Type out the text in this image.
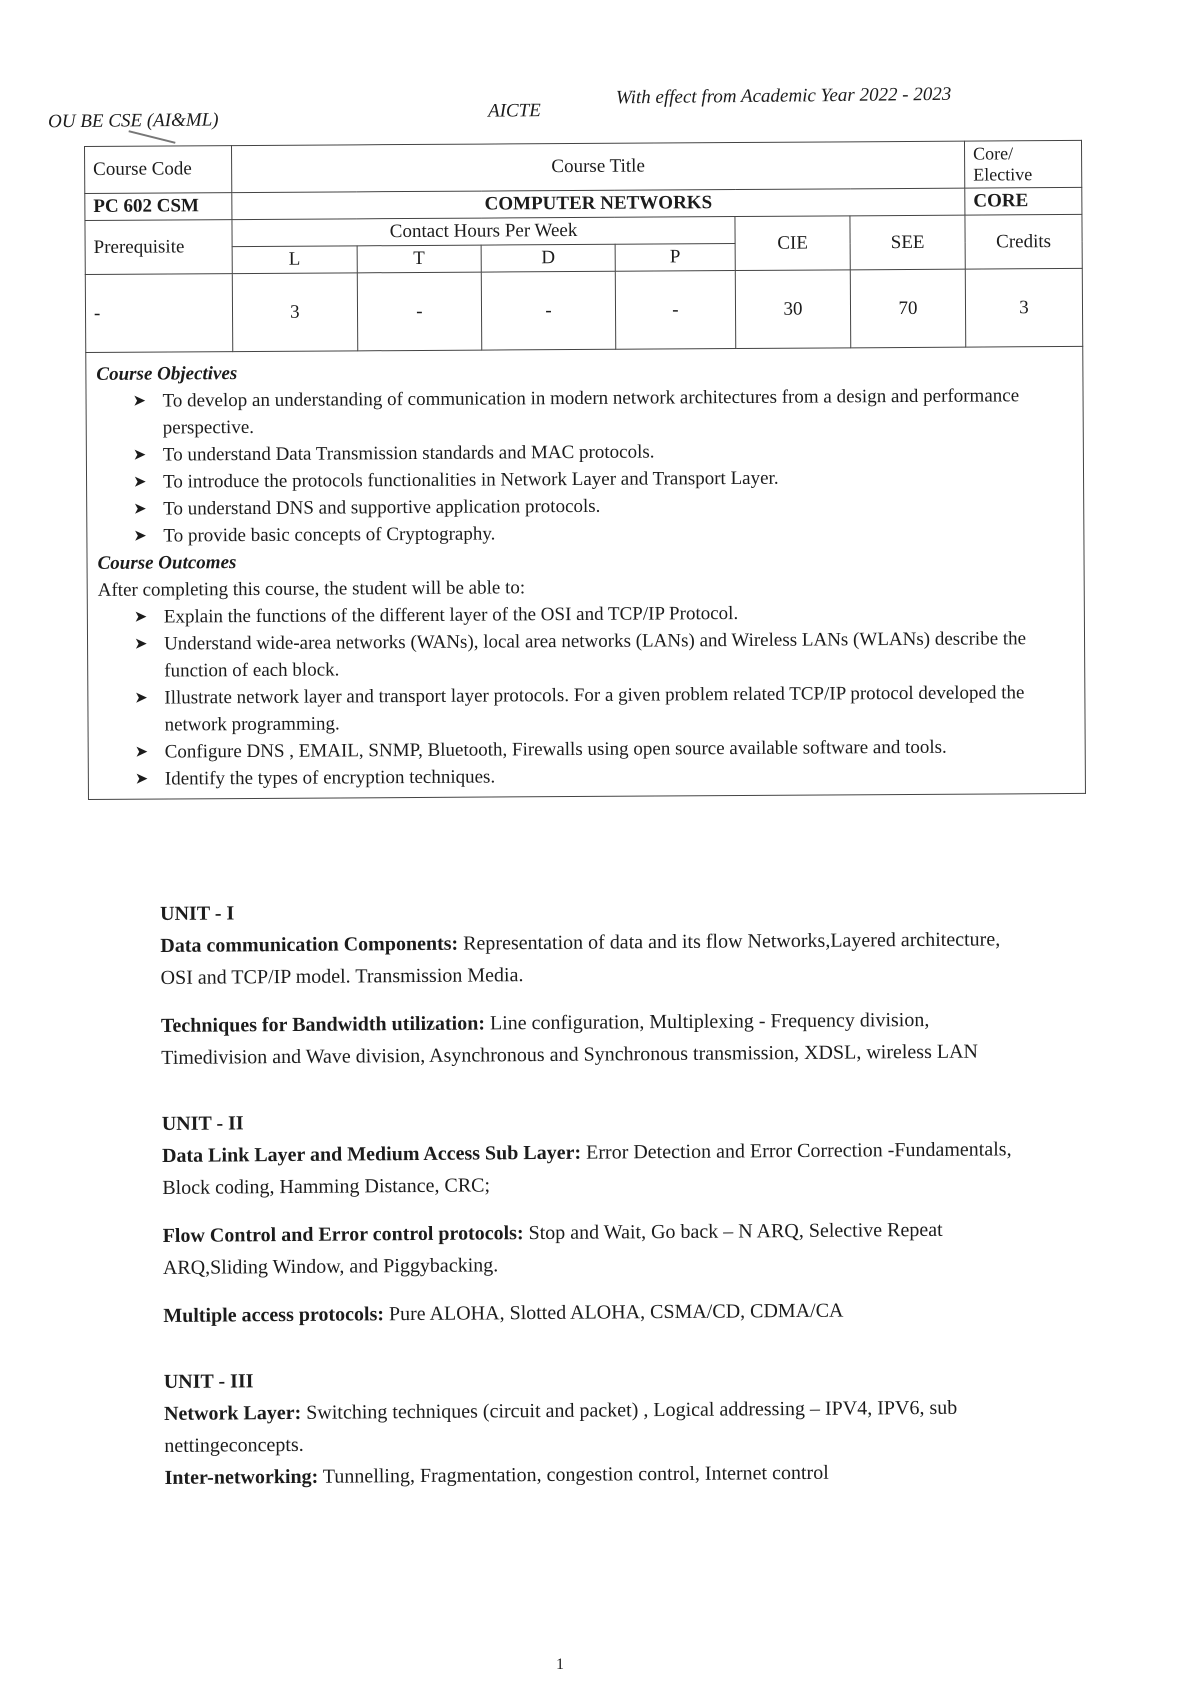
OU BE CSE (AI&ML)	AICTE
With effect from Academic Year 2022 - 2023
Course Code	Course Title						Core/ Elective
PC 602 CSM	COMPUTER NETWORKS						CORE
Prerequisite	Contact Hours Per Week				CIE	SEE	Credits
	L	T	D	P			
-	3	-	-	-	30	70	3
Course Objectives
➤ To develop an understanding of communication in modern network architectures from a design and performance perspective.
➤ To understand Data Transmission standards and MAC protocols.
➤ To introduce the protocols functionalities in Network Layer and Transport Layer.
➤ To understand DNS and supportive application protocols.
➤ To provide basic concepts of Cryptography.
Course Outcomes
After completing this course, the student will be able to:
➤ Explain the functions of the different layer of the OSI and TCP/IP Protocol.
➤ Understand wide-area networks (WANs), local area networks (LANs) and Wireless LANs (WLANs) describe the function of each block.
➤ Illustrate network layer and transport layer protocols. For a given problem related TCP/IP protocol developed the network programming.
➤ Configure DNS , EMAIL, SNMP, Bluetooth, Firewalls using open source available software and tools.
➤ Identify the types of encryption techniques.
UNIT - I

Data communication Components: Representation of data and its flow Networks,Layered architecture, OSI and TCP/IP model. Transmission Media.

Techniques for Bandwidth utilization: Line configuration, Multiplexing - Frequency division, Timedivision and Wave division, Asynchronous and Synchronous transmission, XDSL, wireless LAN

UNIT - II

Data Link Layer and Medium Access Sub Layer: Error Detection and Error Correction -Fundamentals, Block coding, Hamming Distance, CRC;

Flow Control and Error control protocols: Stop and Wait, Go back – N ARQ, Selective Repeat ARQ,Sliding Window, and Piggybacking.

Multiple access protocols: Pure ALOHA, Slotted ALOHA, CSMA/CD, CDMA/CA

UNIT - III

Network Layer: Switching techniques (circuit and packet) , Logical addressing – IPV4, IPV6, sub nettingeconcepts.

Inter-networking: Tunnelling, Fragmentation, congestion control, Internet control

1
